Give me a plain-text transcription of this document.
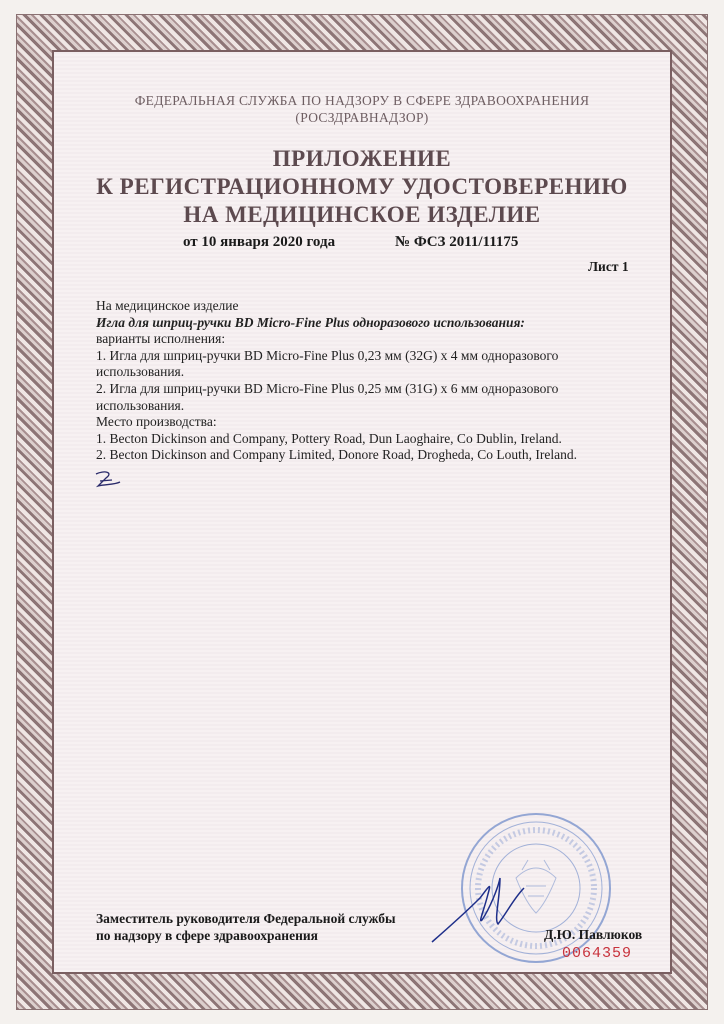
ФЕДЕРАЛЬНАЯ СЛУЖБА ПО НАДЗОРУ В СФЕРЕ ЗДРАВООХРАНЕНИЯ
(РОСЗДРАВНАДЗОР)
ПРИЛОЖЕНИЕ
К РЕГИСТРАЦИОННОМУ УДОСТОВЕРЕНИЮ
НА МЕДИЦИНСКОЕ ИЗДЕЛИЕ
от 10 января 2020 года	№ ФСЗ 2011/11175
Лист 1
На медицинское изделие
Игла для шприц-ручки BD Micro-Fine Plus одноразового использования:
варианты исполнения:
1. Игла для шприц-ручки BD Micro-Fine Plus 0,23 мм (32G) х 4 мм одноразового использования.
2. Игла для шприц-ручки BD Micro-Fine Plus 0,25 мм (31G) х 6 мм одноразового использования.
Место производства:
1. Becton Dickinson and Company, Pottery Road, Dun Laoghaire, Co Dublin, Ireland.
2. Becton Dickinson and Company Limited, Donore Road, Drogheda, Co Louth, Ireland.
Заместитель руководителя Федеральной службы
по надзору в сфере здравоохранения	Д.Ю. Павлюков
0064359
